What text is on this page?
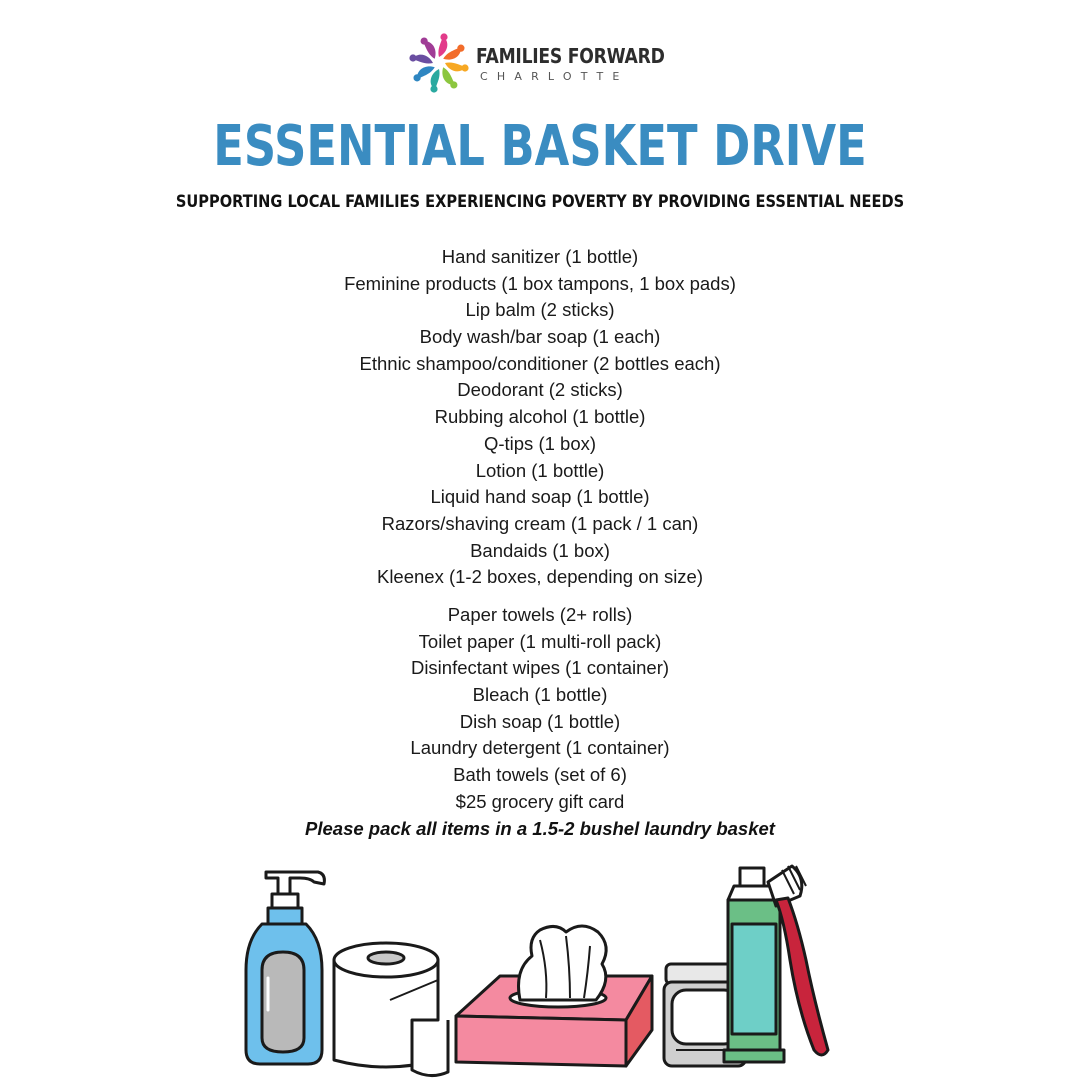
FAMILIES FORWARD
CHARLOTTE
ESSENTIAL BASKET DRIVE

SUPPORTING LOCAL FAMILIES EXPERIENCING POVERTY BY PROVIDING ESSENTIAL NEEDS

Hand sanitizer (1 bottle)
Feminine products (1 box tampons, 1 box pads)
Lip balm (2 sticks)
Body wash/bar soap (1 each)
Ethnic shampoo/conditioner (2 bottles each)
Deodorant (2 sticks)
Rubbing alcohol (1 bottle)
Q-tips (1 box)
Lotion (1 bottle)
Liquid hand soap (1 bottle)
Razors/shaving cream (1 pack / 1 can)
Bandaids (1 box)
Kleenex (1-2 boxes, depending on size)
Paper towels (2+ rolls)
Toilet paper (1 multi-roll pack)
Disinfectant wipes (1 container)
Bleach (1 bottle)
Dish soap (1 bottle)
Laundry detergent (1 container)
Bath towels (set of 6)
$25 grocery gift card

Please pack all items in a 1.5-2 bushel laundry basket
